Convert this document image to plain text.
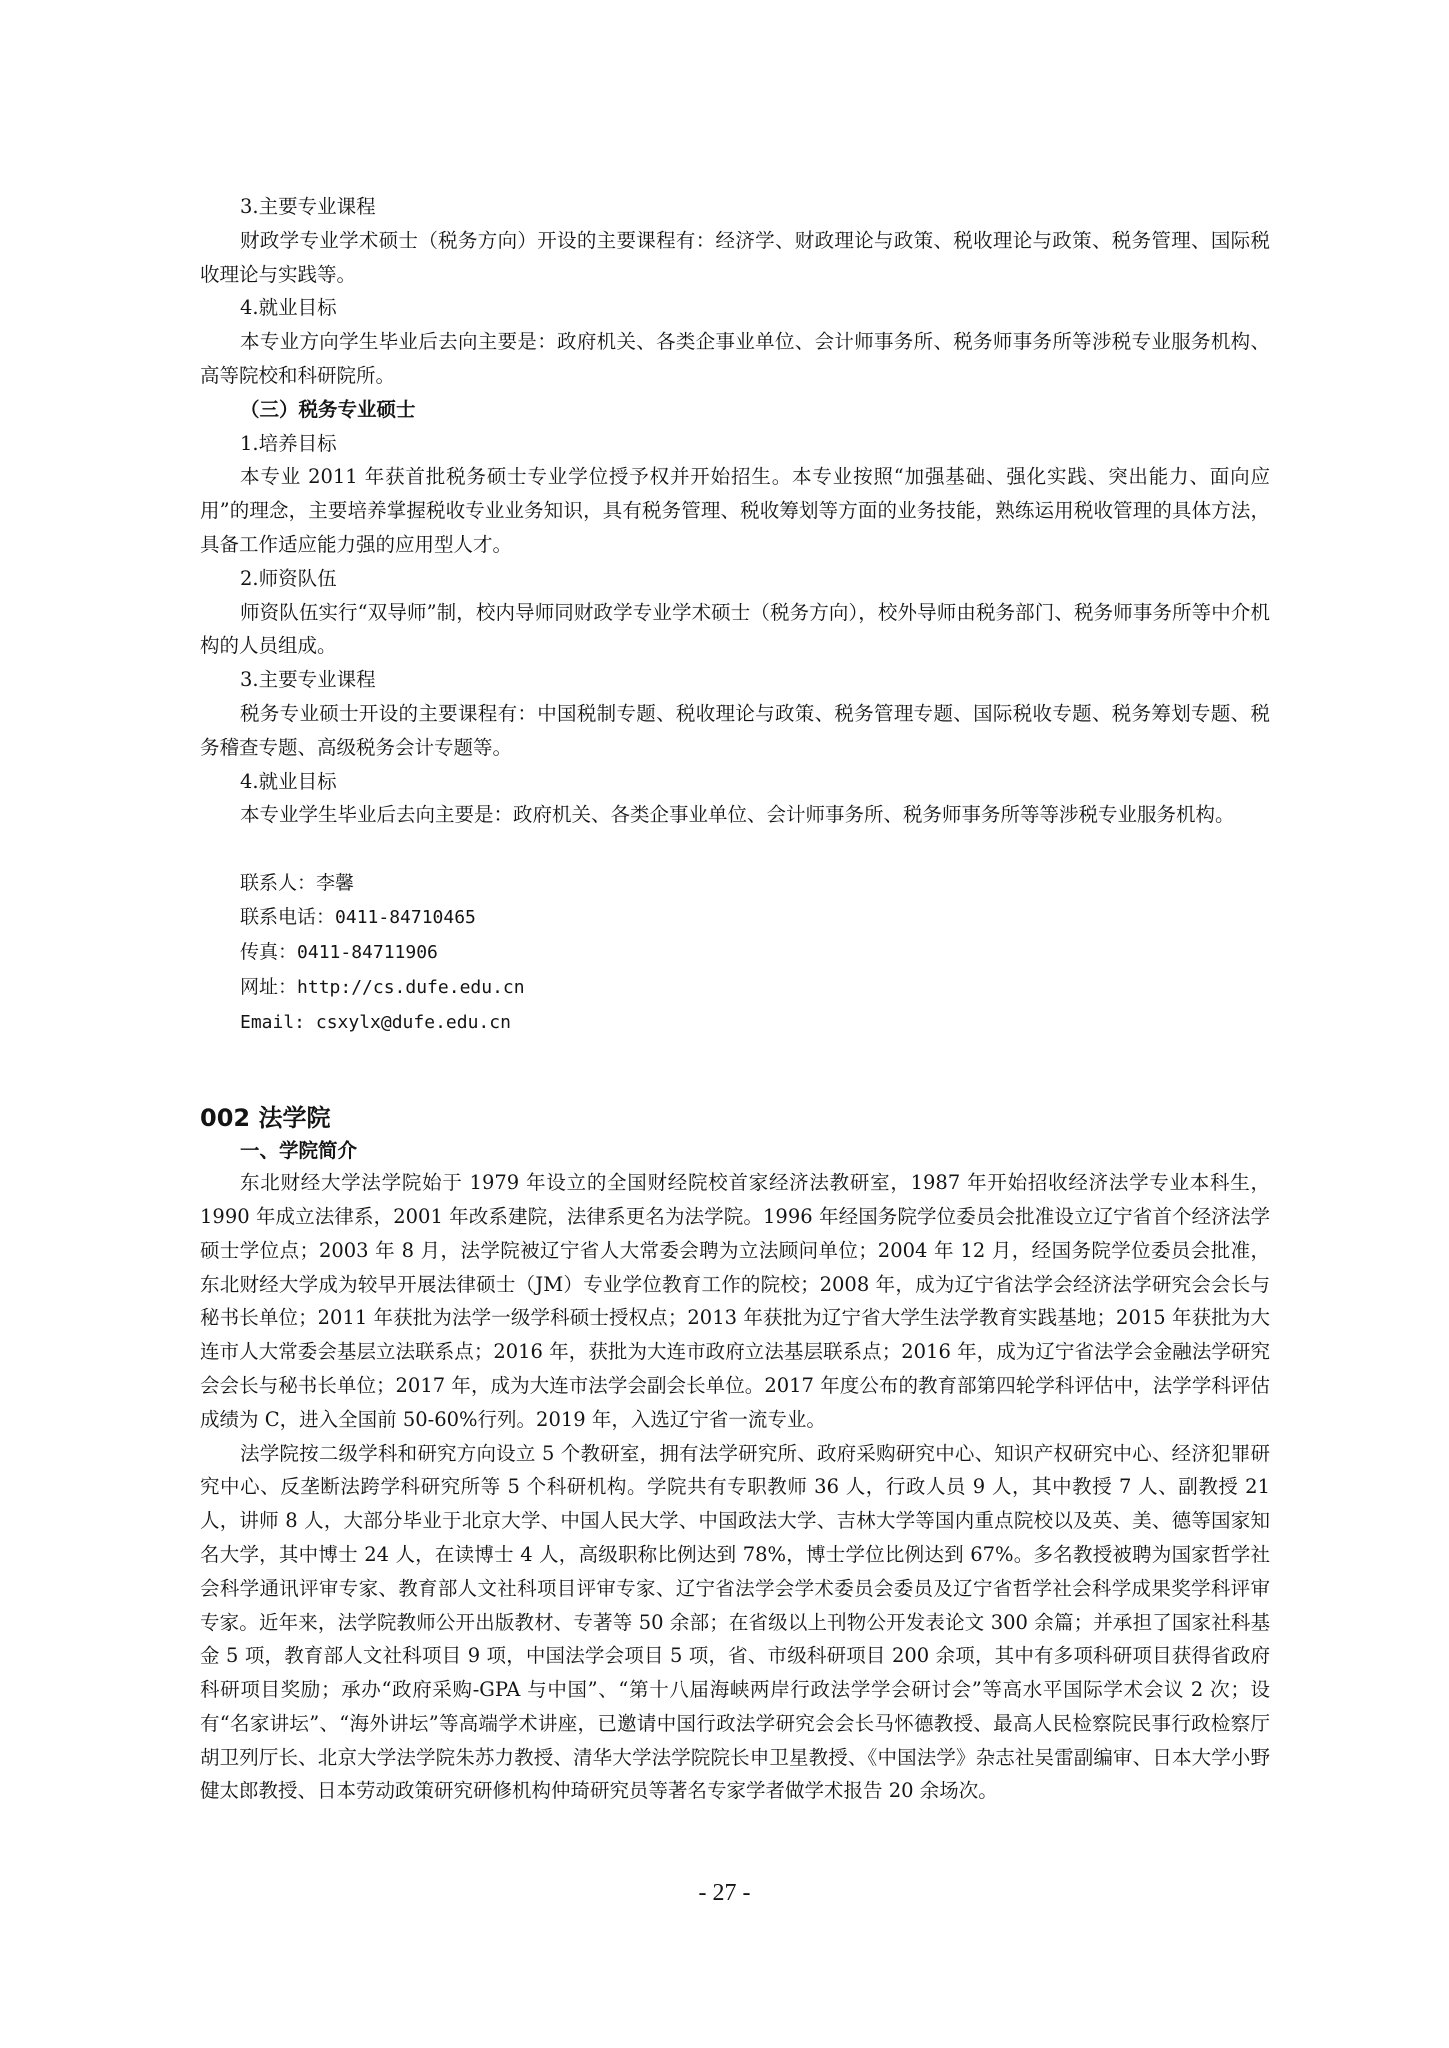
3.主要专业课程

财政学专业学术硕士（税务方向）开设的主要课程有：经济学、财政理论与政策、税收理论与政策、税务管理、国际税收理论与实践等。

4.就业目标

本专业方向学生毕业后去向主要是：政府机关、各类企事业单位、会计师事务所、税务师事务所等涉税专业服务机构、高等院校和科研院所。

（三）税务专业硕士

1.培养目标

本专业 2011 年获首批税务硕士专业学位授予权并开始招生。本专业按照“加强基础、强化实践、突出能力、面向应用”的理念，主要培养掌握税收专业业务知识，具有税务管理、税收筹划等方面的业务技能，熟练运用税收管理的具体方法，具备工作适应能力强的应用型人才。

2.师资队伍

师资队伍实行“双导师”制，校内导师同财政学专业学术硕士（税务方向），校外导师由税务部门、税务师事务所等中介机构的人员组成。

3.主要专业课程

税务专业硕士开设的主要课程有：中国税制专题、税收理论与政策、税务管理专题、国际税收专题、税务筹划专题、税务稽查专题、高级税务会计专题等。

4.就业目标

本专业学生毕业后去向主要是：政府机关、各类企事业单位、会计师事务所、税务师事务所等等涉税专业服务机构。

联系人：李馨

联系电话：0411-84710465

传真：0411-84711906

网址：http://cs.dufe.edu.cn

Email: csxylx@dufe.edu.cn

002 法学院

一、学院简介

东北财经大学法学院始于 1979 年设立的全国财经院校首家经济法教研室，1987 年开始招收经济法学专业本科生，1990 年成立法律系，2001 年改系建院，法律系更名为法学院。1996 年经国务院学位委员会批准设立辽宁省首个经济法学硕士学位点；2003 年 8 月，法学院被辽宁省人大常委会聘为立法顾问单位；2004 年 12 月，经国务院学位委员会批准，东北财经大学成为较早开展法律硕士（JM）专业学位教育工作的院校；2008 年，成为辽宁省法学会经济法学研究会会长与秘书长单位；2011 年获批为法学一级学科硕士授权点；2013 年获批为辽宁省大学生法学教育实践基地；2015 年获批为大连市人大常委会基层立法联系点；2016 年，获批为大连市政府立法基层联系点；2016 年，成为辽宁省法学会金融法学研究会会长与秘书长单位；2017 年，成为大连市法学会副会长单位。2017 年度公布的教育部第四轮学科评估中，法学学科评估成绩为 C，进入全国前 50-60%行列。2019 年，入选辽宁省一流专业。

法学院按二级学科和研究方向设立 5 个教研室，拥有法学研究所、政府采购研究中心、知识产权研究中心、经济犯罪研究中心、反垄断法跨学科研究所等 5 个科研机构。学院共有专职教师 36 人，行政人员 9 人，其中教授 7 人、副教授 21 人，讲师 8 人，大部分毕业于北京大学、中国人民大学、中国政法大学、吉林大学等国内重点院校以及英、美、德等国家知名大学，其中博士 24 人，在读博士 4 人，高级职称比例达到 78%，博士学位比例达到 67%。多名教授被聘为国家哲学社会科学通讯评审专家、教育部人文社科项目评审专家、辽宁省法学会学术委员会委员及辽宁省哲学社会科学成果奖学科评审专家。近年来，法学院教师公开出版教材、专著等 50 余部；在省级以上刊物公开发表论文 300 余篇；并承担了国家社科基金 5 项，教育部人文社科项目 9 项，中国法学会项目 5 项，省、市级科研项目 200 余项，其中有多项科研项目获得省政府科研项目奖励；承办“政府采购-GPA 与中国”、“第十八届海峡两岸行政法学学会研讨会”等高水平国际学术会议 2 次；设有“名家讲坛”、“海外讲坛”等高端学术讲座，已邀请中国行政法学研究会会长马怀德教授、最高人民检察院民事行政检察厅胡卫列厅长、北京大学法学院朱苏力教授、清华大学法学院院长申卫星教授、《中国法学》杂志社吴雷副编审、日本大学小野健太郎教授、日本劳动政策研究研修机构仲琦研究员等著名专家学者做学术报告 20 余场次。

- 27 -
